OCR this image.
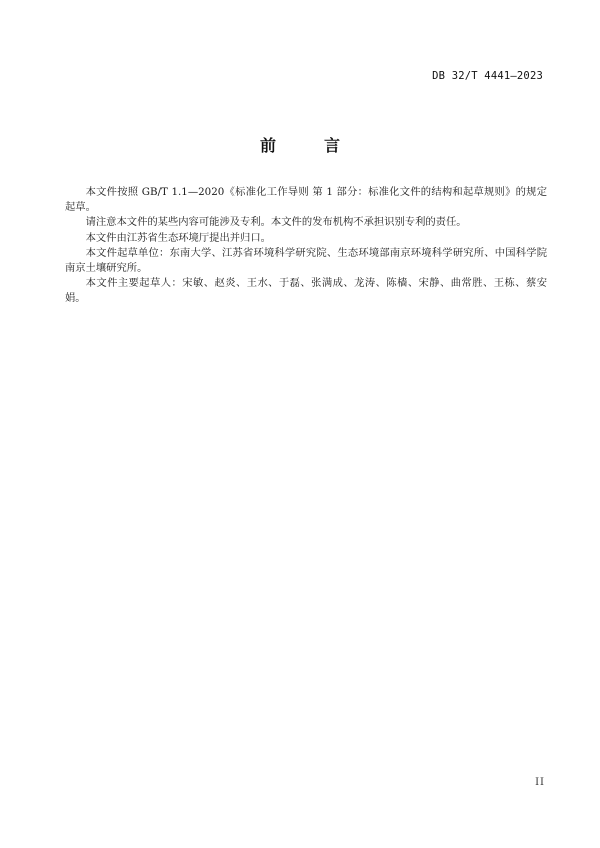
DB 32/T 4441—2023
前	言

本文件按照 GB/T 1.1—2020《标准化工作导则 第 1 部分：标准化文件的结构和起草规则》的规定起草。

请注意本文件的某些内容可能涉及专利。本文件的发布机构不承担识别专利的责任。

本文件由江苏省生态环境厅提出并归口。

本文件起草单位：东南大学、江苏省环境科学研究院、生态环境部南京环境科学研究所、中国科学院南京土壤研究所。

本文件主要起草人：宋敏、赵炎、王水、于磊、张满成、龙涛、陈樯、宋静、曲常胜、王栋、蔡安娟。

II
